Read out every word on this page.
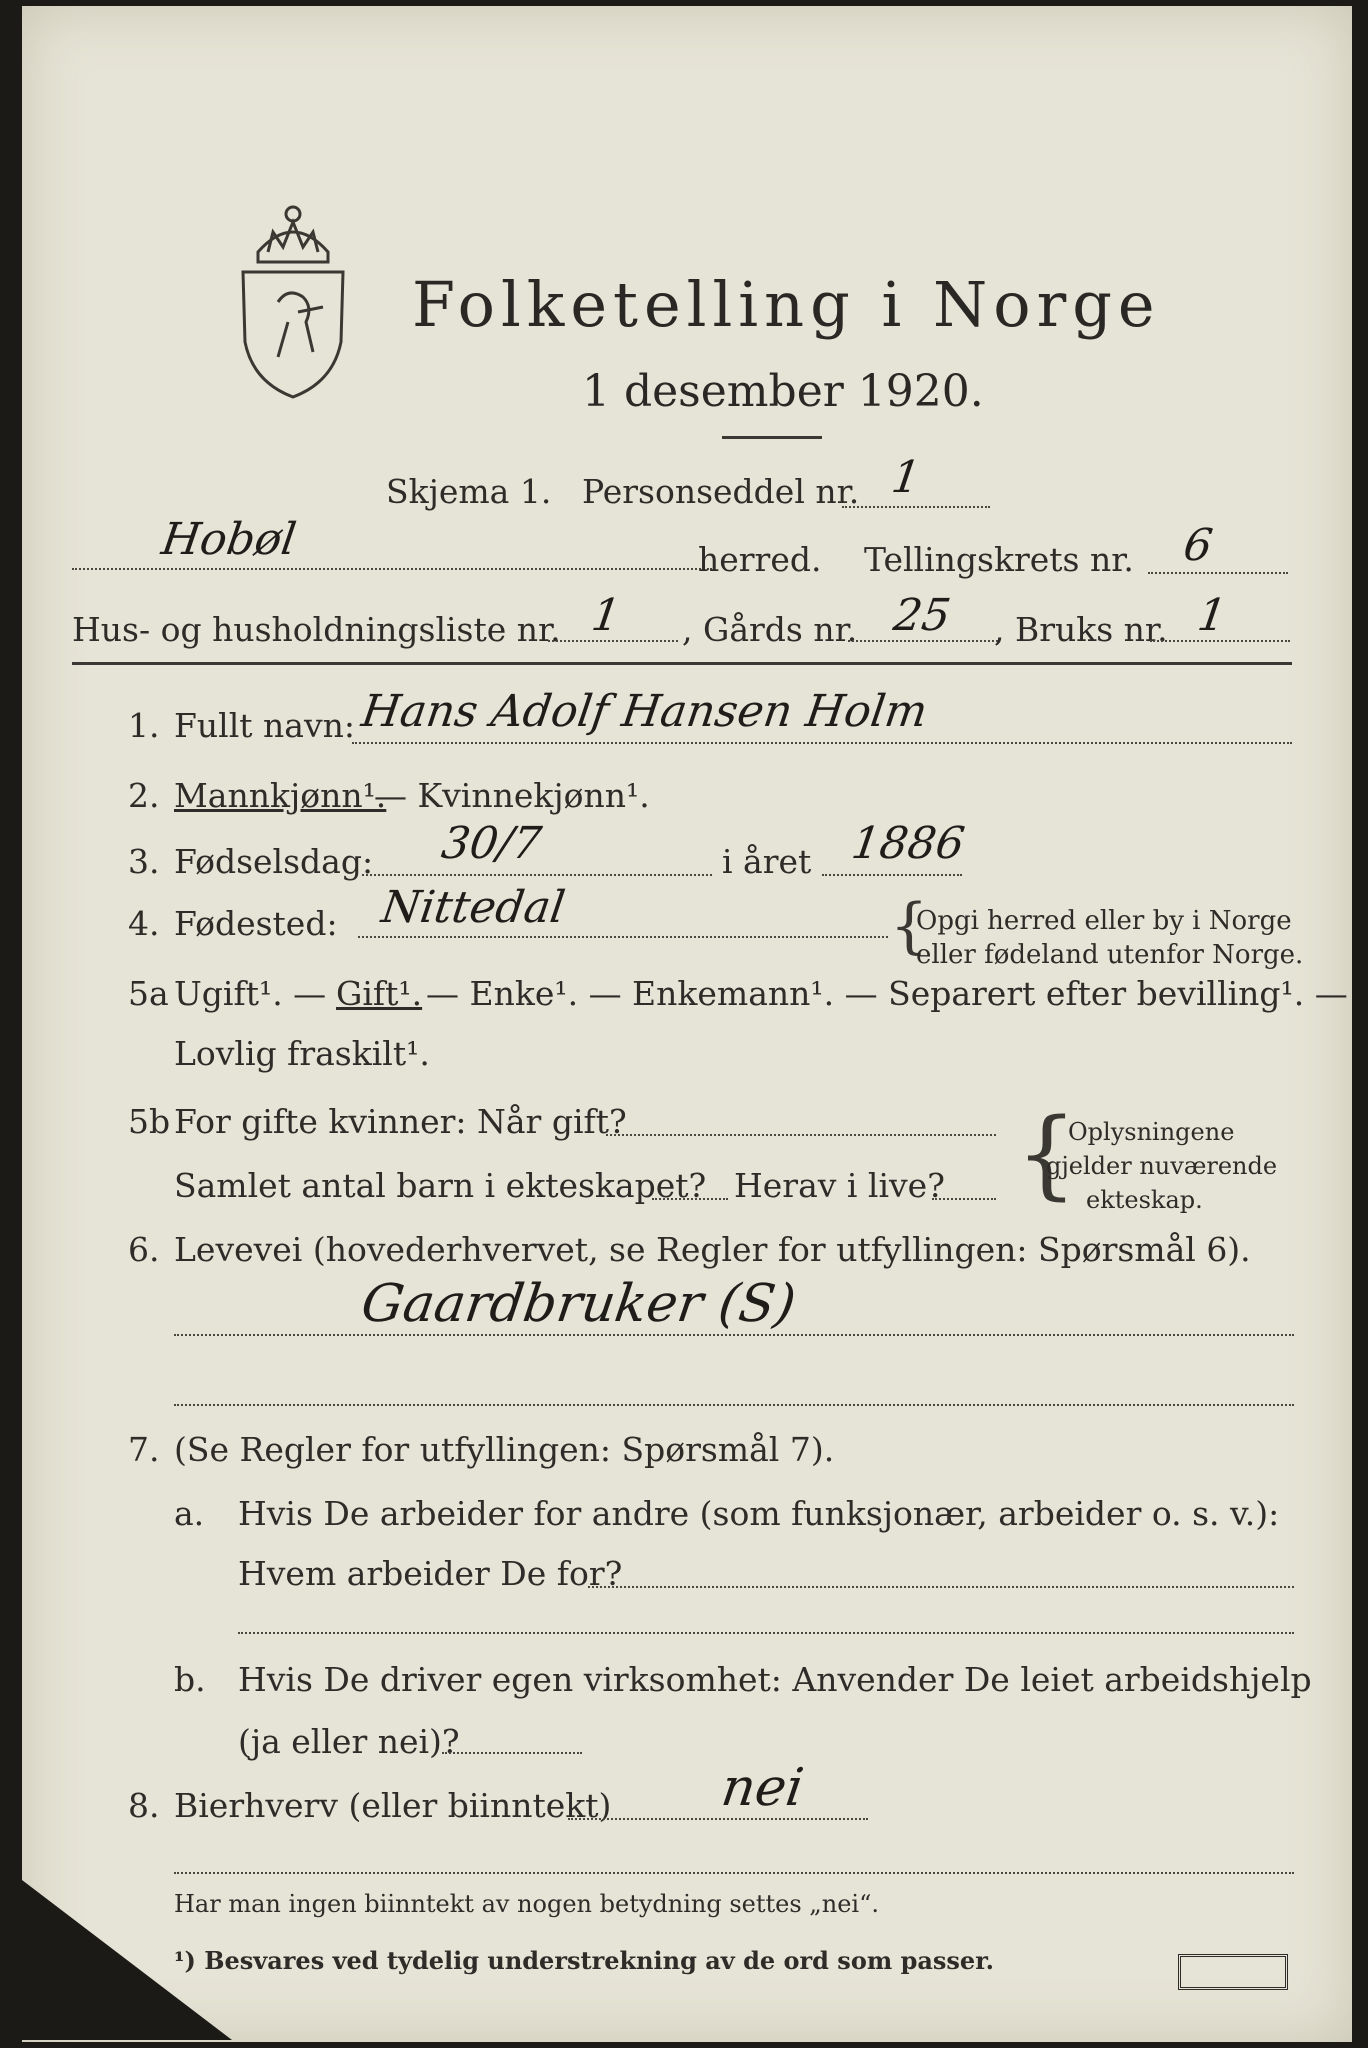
Folketelling i Norge
1 desember 1920.
Skjema 1. Personseddel nr. 1
Hobøl	herred. Tellingskrets nr. 6
Hus- og husholdningsliste nr. 1 , Gårds nr. 25 , Bruks nr. 1
1. Fullt navn: Hans Adolf Hansen Holm
2. Mannkjønn¹.
— Kvinnekjønn¹.
3. Fødselsdag: 30/7	i året 1886
4. Fødested: Nittedal	{
Opgi herred eller by i Norge
eller fødeland utenfor Norge.
5a Ugift¹. — Gift¹. — Enke¹. — Enkemann¹. — Separert efter bevilling¹. —
Lovlig fraskilt¹.
5b For gifte kvinner: Når gift?
Samlet antal barn i ekteskapet? Herav i live? {
Oplysningene
gjelder nuværende
ekteskap.
6. Levevei (hovederhvervet, se Regler for utfyllingen: Spørsmål 6).
Gaardbruker (S)
7. (Se Regler for utfyllingen: Spørsmål 7).
a. Hvis De arbeider for andre (som funksjonær, arbeider o. s. v.):
Hvem arbeider De for?
b. Hvis De driver egen virksomhet: Anvender De leiet arbeidshjelp
(ja eller nei)?
8. Bierhverv (eller biinntekt) nei
Har man ingen biinntekt av nogen betydning settes „nei“.
¹) Besvares ved tydelig understrekning av de ord som passer.
